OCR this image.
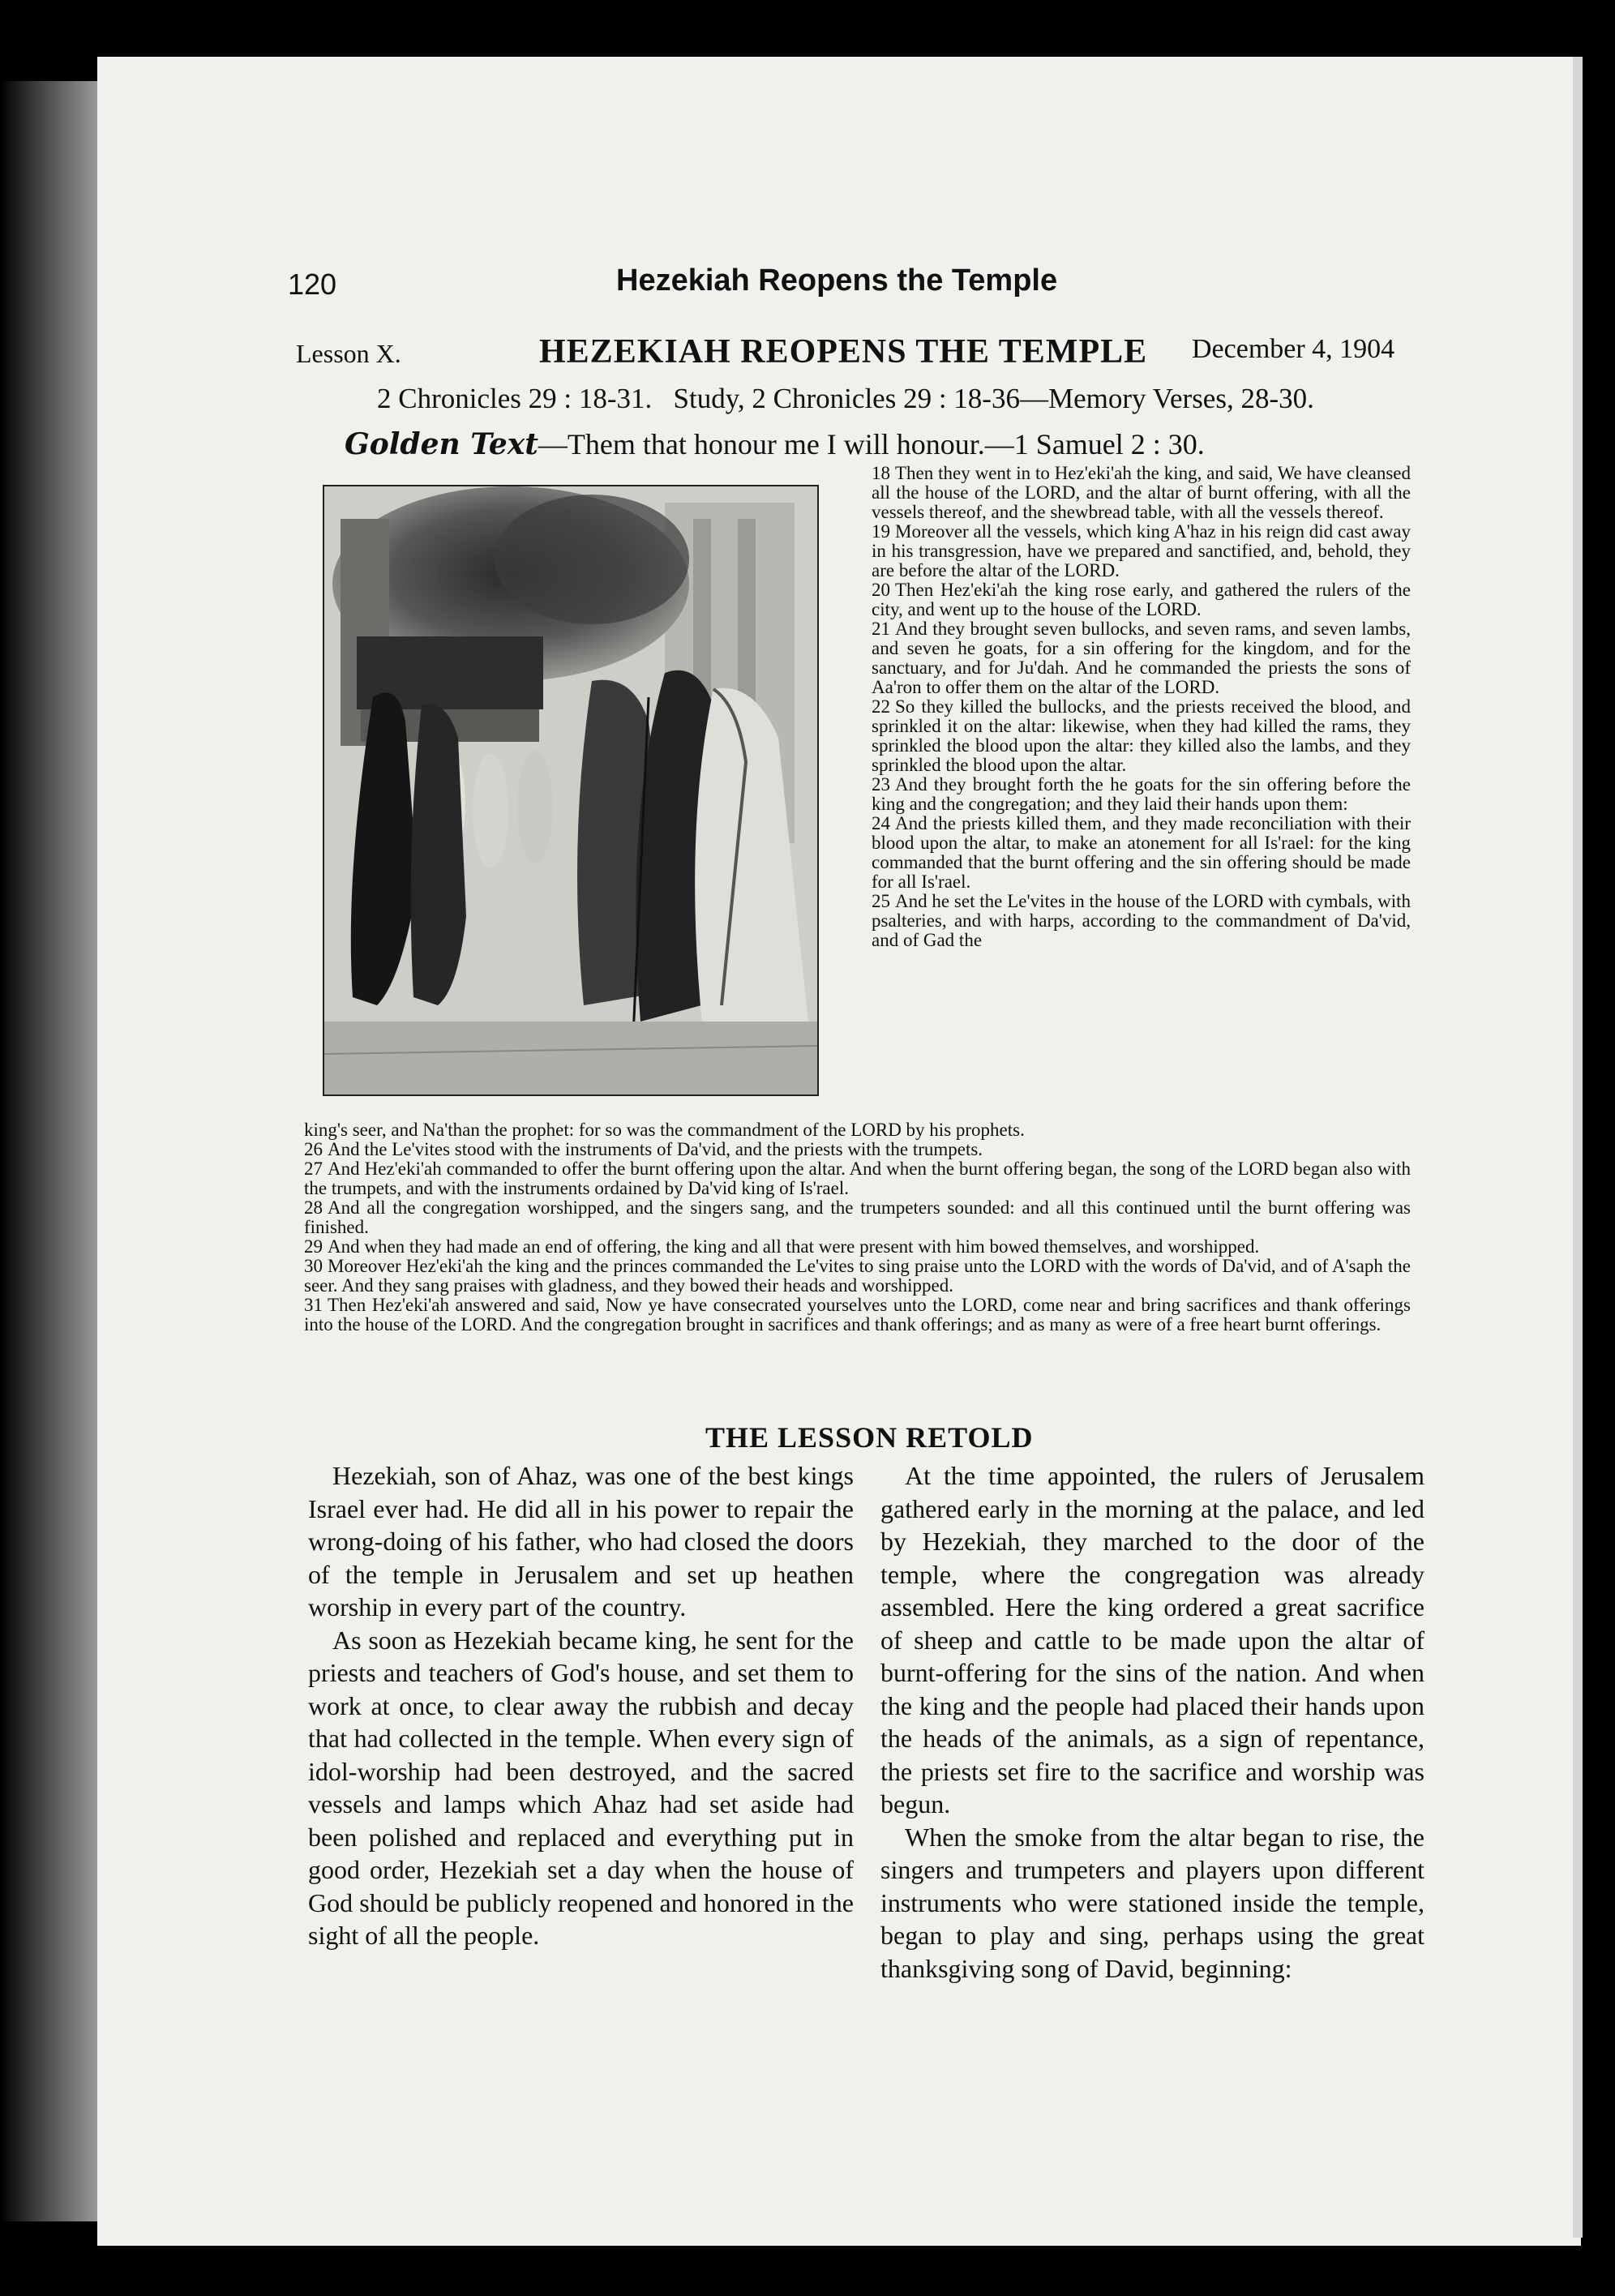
120	Hezekiah Reopens the Temple
Lesson X.	HEZEKIAH REOPENS THE TEMPLE December 4, 1904
2 Chronicles 29 : 18-31.   Study, 2 Chronicles 29 : 18-36—Memory Verses, 28-30.
Golden Text—Them that honour me I will honour.—1 Samuel 2 : 30.

18 Then they went in to Hez'eki'ah the king, and said, We have cleansed all the house of the LORD, and the altar of burnt offering, with all the vessels thereof, and the shewbread table, with all the vessels thereof.

19 Moreover all the vessels, which king A'haz in his reign did cast away in his transgression, have we prepared and sanctified, and, behold, they are before the altar of the LORD.

20 Then Hez'eki'ah the king rose early, and gathered the rulers of the city, and went up to the house of the LORD.

21 And they brought seven bullocks, and seven rams, and seven lambs, and seven he goats, for a sin offering for the kingdom, and for the sanctuary, and for Ju'dah. And he commanded the priests the sons of Aa'ron to offer them on the altar of the LORD.

22 So they killed the bullocks, and the priests received the blood, and sprinkled it on the altar: likewise, when they had killed the rams, they sprinkled the blood upon the altar: they killed also the lambs, and they sprinkled the blood upon the altar.

23 And they brought forth the he goats for the sin offering before the king and the congregation; and they laid their hands upon them:

24 And the priests killed them, and they made reconciliation with their blood upon the altar, to make an atonement for all Is'rael: for the king commanded that the burnt offering and the sin offering should be made for all Is'rael.

25 And he set the Le'vites in the house of the LORD with cymbals, with psalteries, and with harps, according to the commandment of Da'vid, and of Gad the

king's seer, and Na'than the prophet: for so was the commandment of the LORD by his prophets.

26 And the Le'vites stood with the instruments of Da'vid, and the priests with the trumpets.

27 And Hez'eki'ah commanded to offer the burnt offering upon the altar. And when the burnt offering began, the song of the LORD began also with the trumpets, and with the instruments ordained by Da'vid king of Is'rael.

28 And all the congregation worshipped, and the singers sang, and the trumpeters sounded: and all this continued until the burnt offering was finished.

29 And when they had made an end of offering, the king and all that were present with him bowed themselves, and worshipped.

30 Moreover Hez'eki'ah the king and the princes commanded the Le'vites to sing praise unto the LORD with the words of Da'vid, and of A'saph the seer. And they sang praises with gladness, and they bowed their heads and worshipped.

31 Then Hez'eki'ah answered and said, Now ye have consecrated yourselves unto the LORD, come near and bring sacrifices and thank offerings into the house of the LORD. And the congregation brought in sacrifices and thank offerings; and as many as were of a free heart burnt offerings.

THE LESSON RETOLD

Hezekiah, son of Ahaz, was one of the best kings Israel ever had. He did all in his power to repair the wrong-doing of his father, who had closed the doors of the temple in Jerusalem and set up heathen worship in every part of the country.

As soon as Hezekiah became king, he sent for the priests and teachers of God's house, and set them to work at once, to clear away the rubbish and decay that had collected in the temple. When every sign of idol-worship had been destroyed, and the sacred vessels and lamps which Ahaz had set aside had been polished and replaced and everything put in good order, Hezekiah set a day when the house of God should be publicly reopened and honored in the sight of all the people.

At the time appointed, the rulers of Jerusalem gathered early in the morning at the palace, and led by Hezekiah, they marched to the door of the temple, where the congregation was already assembled. Here the king ordered a great sacrifice of sheep and cattle to be made upon the altar of burnt-offering for the sins of the nation. And when the king and the people had placed their hands upon the heads of the animals, as a sign of repentance, the priests set fire to the sacrifice and worship was begun.

When the smoke from the altar began to rise, the singers and trumpeters and players upon different instruments who were stationed inside the temple, began to play and sing, perhaps using the great thanksgiving song of David, beginning:
